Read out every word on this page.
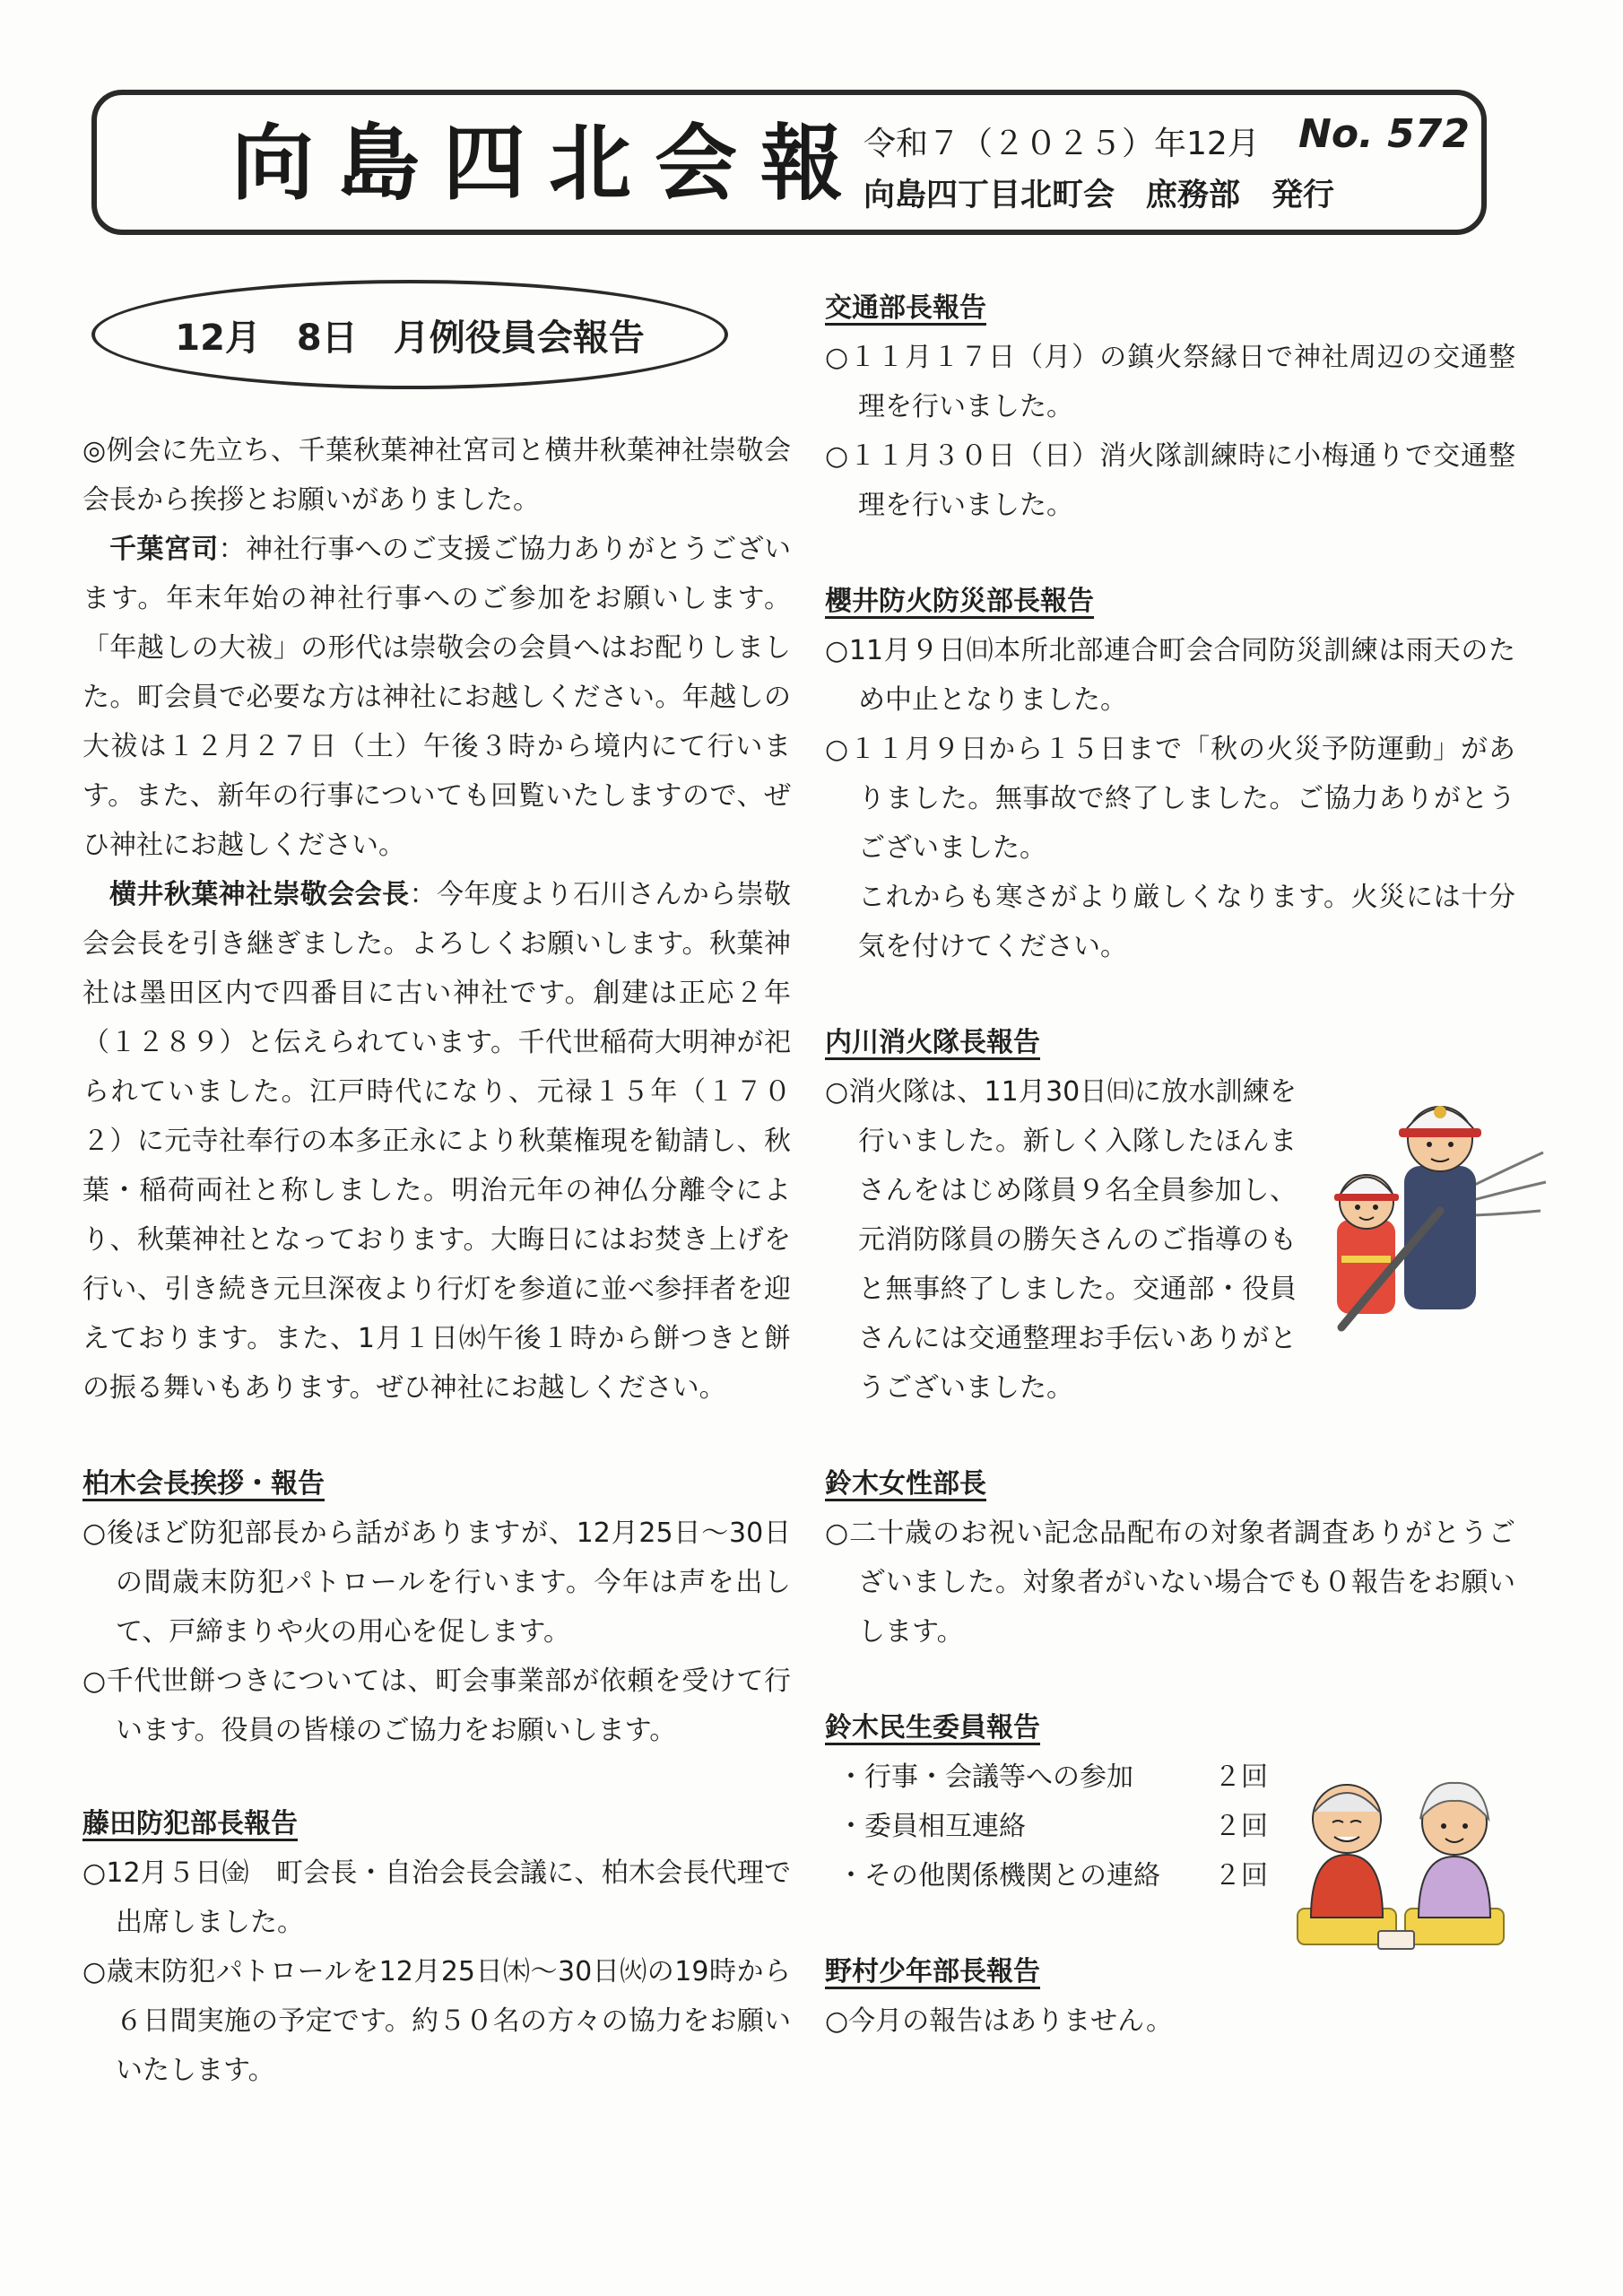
向島四北会報
令和７（２０２５）年12月 No. 572
向島四丁目北町会　庶務部　発行
12月　8日　月例役員会報告

◎例会に先立ち、千葉秋葉神社宮司と横井秋葉神社崇敬会会長から挨拶とお願いがありました。

千葉宮司：神社行事へのご支援ご協力ありがとうございます。年末年始の神社行事へのご参加をお願いします。「年越しの大祓」の形代は崇敬会の会員へはお配りしました。町会員で必要な方は神社にお越しください。年越しの大祓は１２月２７日（土）午後３時から境内にて行います。また、新年の行事についても回覧いたしますので、ぜひ神社にお越しください。

横井秋葉神社崇敬会会長：今年度より石川さんから崇敬会会長を引き継ぎました。よろしくお願いします。秋葉神社は墨田区内で四番目に古い神社です。創建は正応２年（１２８９）と伝えられています。千代世稲荷大明神が祀られていました。江戸時代になり、元禄１５年（１７０２）に元寺社奉行の本多正永により秋葉権現を勧請し、秋葉・稲荷両社と称しました。明治元年の神仏分離令により、秋葉神社となっております。大晦日にはお焚き上げを行い、引き続き元旦深夜より行灯を参道に並べ参拝者を迎えております。また、1月１日㈬午後１時から餅つきと餅の振る舞いもあります。ぜひ神社にお越しください。

柏木会長挨拶・報告

○後ほど防犯部長から話がありますが、12月25日～30日の間歳末防犯パトロールを行います。今年は声を出して、戸締まりや火の用心を促します。

○千代世餅つきについては、町会事業部が依頼を受けて行います。役員の皆様のご協力をお願いします。

藤田防犯部長報告

○12月５日㈮　町会長・自治会長会議に、柏木会長代理で出席しました。

○歳末防犯パトロールを12月25日㈭～30日㈫の19時から６日間実施の予定です。約５０名の方々の協力をお願いいたします。

交通部長報告

○１１月１７日（月）の鎮火祭縁日で神社周辺の交通整理を行いました。

○１１月３０日（日）消火隊訓練時に小梅通りで交通整理を行いました。

櫻井防火防災部長報告

○11月９日㈰本所北部連合町会合同防災訓練は雨天のため中止となりました。

○１１月９日から１５日まで「秋の火災予防運動」がありました。無事故で終了しました。ご協力ありがとうございました。

これからも寒さがより厳しくなります。火災には十分気を付けてください。

内川消火隊長報告

○消火隊は、11月30日㈰に放水訓練を行いました。新しく入隊したほんまさんをはじめ隊員９名全員参加し、元消防隊員の勝矢さんのご指導のもと無事終了しました。交通部・役員さんには交通整理お手伝いありがとうございました。

鈴木女性部長

○二十歳のお祝い記念品配布の対象者調査ありがとうございました。対象者がいない場合でも０報告をお願いします。

鈴木民生委員報告

・行事・会議等への参加	２回
・委員相互連絡	２回
・その他関係機関との連絡	２回

野村少年部長報告

○今月の報告はありません。
